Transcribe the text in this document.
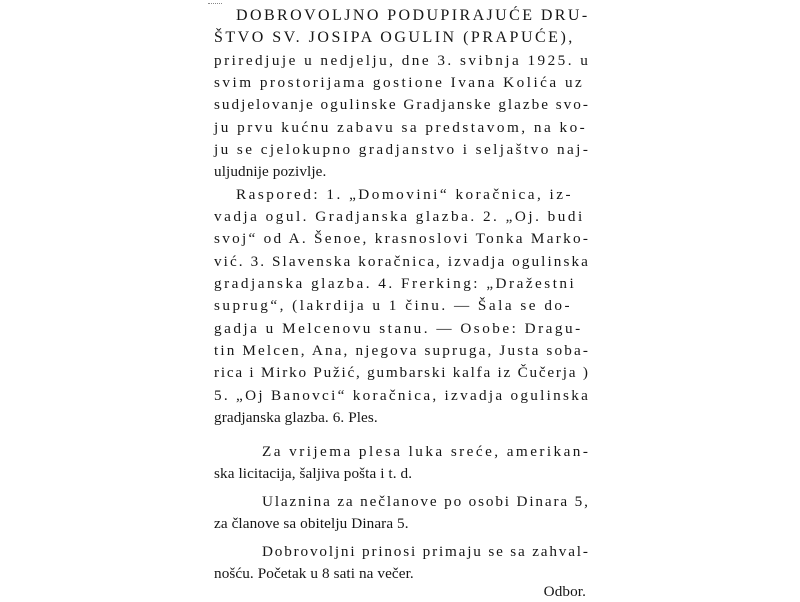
DOBROVOLJNO PODUPIRAJUĆE DRU-
ŠTVO SV. JOSIPA OGULIN (PRAPUĆE),
priredjuje u nedjelju, dne 3. svibnja 1925. u
svim prostorijama gostione Ivana Kolića uz
sudjelovanje ogulinske Gradjanske glazbe svo-
ju prvu kućnu zabavu sa predstavom, na ko-
ju se cjelokupno gradjanstvo i seljaštvo naj-
uljudnije pozivlje.
Raspored: 1. „Domovini“ koračnica, iz-
vadja ogul. Gradjanska glazba. 2. „Oj. budi
svoj“ od A. Šenoe, krasnoslovi Tonka Marko-
vić. 3. Slavenska koračnica, izvadja ogulinska
gradjanska glazba. 4. Frerking: „Dražestni
suprug“, (lakrdija u 1 činu. — Šala se do-
gadja u Melcenovu stanu. — Osobe: Dragu-
tin Melcen, Ana, njegova supruga, Justa soba-
rica i Mirko Pužić, gumbarski kalfa iz Čučerja )
5. „Oj Banovci“ koračnica, izvadja ogulinska
gradjanska glazba. 6. Ples.
Za vrijema plesa luka sreće, amerikan-
ska licitacija, šaljiva pošta i t. d.
Ulaznina za nečlanove po osobi Dinara 5,
za članove sa obitelju Dinara 5.
Dobrovoljni prinosi primaju se sa zahval-
nošću. Početak u 8 sati na večer.
Odbor.
